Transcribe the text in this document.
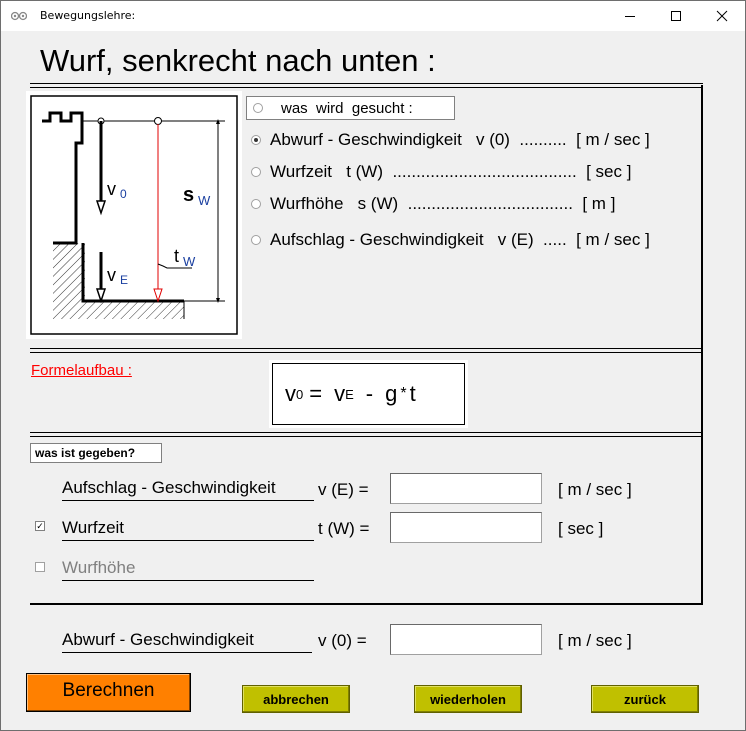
Bewegungslehre:
Wurf, senkrecht nach unten :
v 0
v E
s W
t W
was  wird  gesucht :
Abwurf - Geschwindigkeit   v (0)  ..........  [ m / sec ]
Wurfzeit   t (W)  .......................................  [ sec ]
Wurfhöhe   s (W)  ...................................  [ m ]
Aufschlag - Geschwindigkeit   v (E)  .....  [ m / sec ]
Formelaufbau :
v 0 = v E - g * t
was ist gegeben?
Aufschlag - Geschwindigkeit	v (E) =	[ m / sec ]
✓ Wurfzeit	t (W) =	[ sec ]
Wurfhöhe
Abwurf - Geschwindigkeit	v (0) =	[ m / sec ]
Berechnen	abbrechen	wiederholen	zurück
